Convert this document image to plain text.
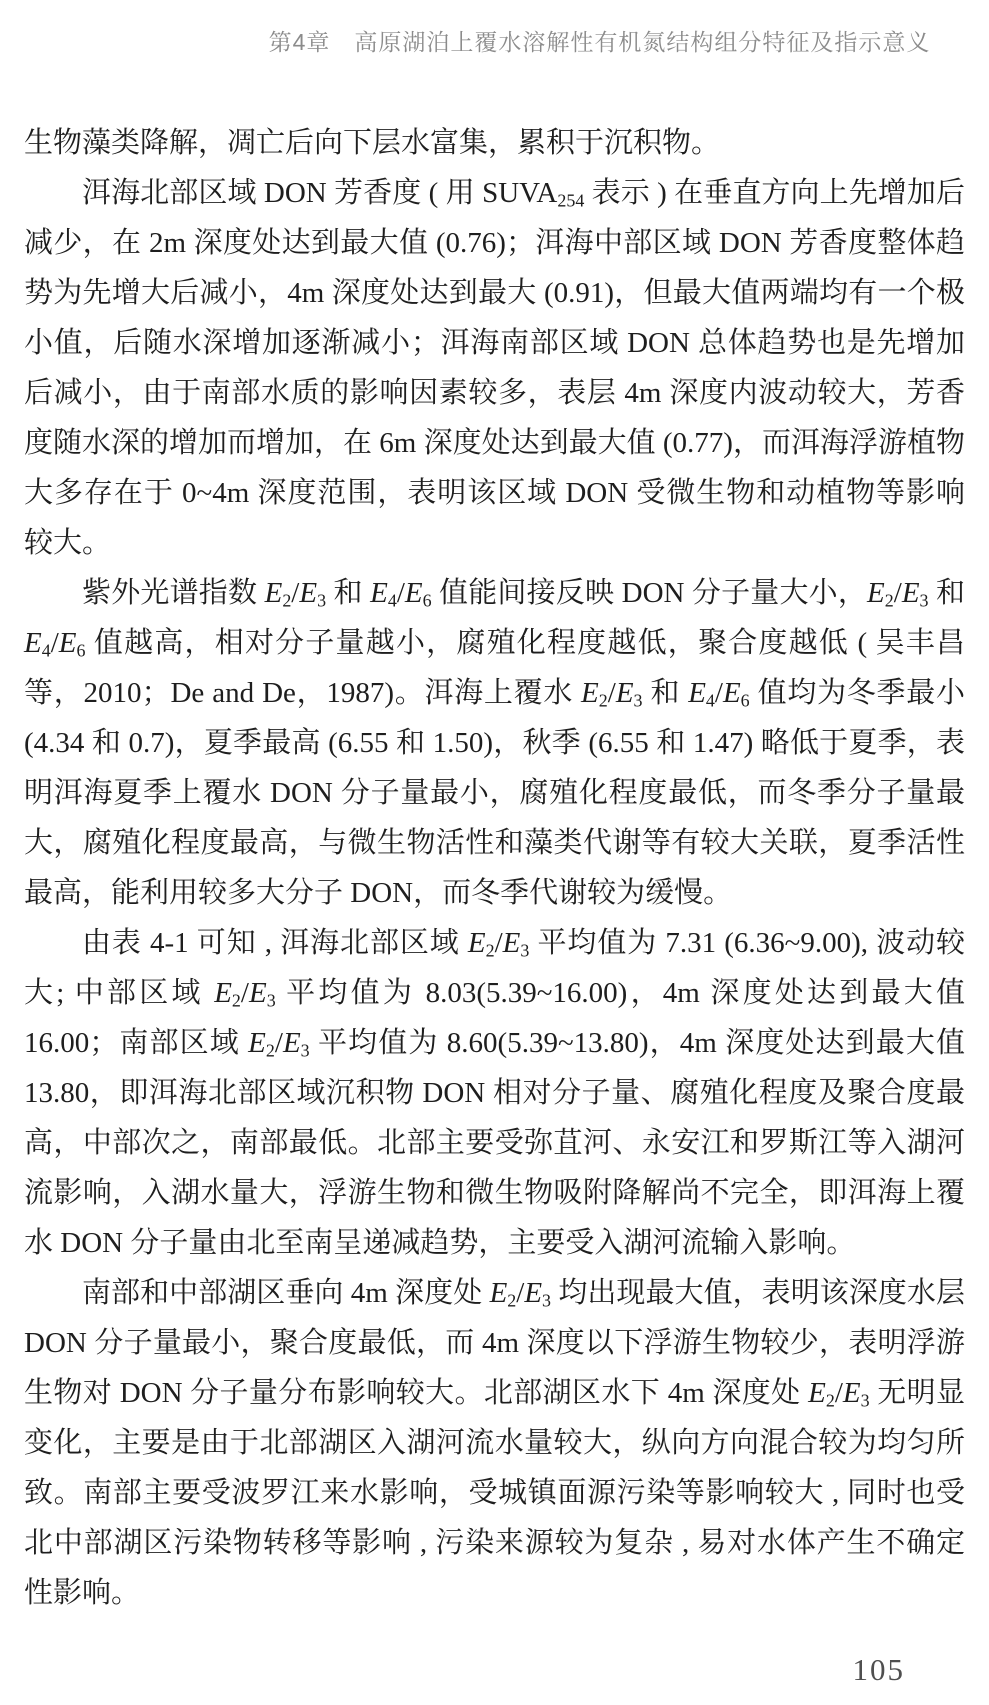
第4章　高原湖泊上覆水溶解性有机氮结构组分特征及指示意义

生物藻类降解，凋亡后向下层水富集，累积于沉积物。

洱海北部区域 DON 芳香度 ( 用 $SUVA_{254}$ 表示 ) 在垂直方向上先增加后减少，在 2m 深度处达到最大值 (0.76)；洱海中部区域 DON 芳香度整体趋势为先增大后减小，4m 深度处达到最大 (0.91)，但最大值两端均有一个极小值，后随水深增加逐渐减小；洱海南部区域 DON 总体趋势也是先增加后减小，由于南部水质的影响因素较多，表层 4m 深度内波动较大，芳香度随水深的增加而增加，在 6m 深度处达到最大值 (0.77)，而洱海浮游植物大多存在于 0~4m 深度范围，表明该区域 DON 受微生物和动植物等影响较大。

紫外光谱指数 $E_2/E_3$ 和 $E_4/E_6$ 值能间接反映 DON 分子量大小，$E_2/E_3$ 和 $E_4/E_6$ 值越高，相对分子量越小，腐殖化程度越低，聚合度越低 ( 吴丰昌等，2010；De and De，1987)。洱海上覆水 $E_2/E_3$ 和 $E_4/E_6$ 值均为冬季最小 (4.34 和 0.7)，夏季最高 (6.55 和 1.50)，秋季 (6.55 和 1.47) 略低于夏季，表明洱海夏季上覆水 DON 分子量最小，腐殖化程度最低，而冬季分子量最大，腐殖化程度最高，与微生物活性和藻类代谢等有较大关联，夏季活性最高，能利用较多大分子 DON，而冬季代谢较为缓慢。

由表 4-1 可知 , 洱海北部区域 $E_2/E_3$ 平均值为 7.31 (6.36~9.00), 波动较大; 中部区域 $E_2/E_3$ 平均值为 8.03(5.39~16.00)，4m 深度处达到最大值 16.00；南部区域 $E_2/E_3$ 平均值为 8.60(5.39~13.80)，4m 深度处达到最大值 13.80，即洱海北部区域沉积物 DON 相对分子量、腐殖化程度及聚合度最高，中部次之，南部最低。北部主要受弥苴河、永安江和罗斯江等入湖河流影响，入湖水量大，浮游生物和微生物吸附降解尚不完全，即洱海上覆水 DON 分子量由北至南呈递减趋势，主要受入湖河流输入影响。

南部和中部湖区垂向 4m 深度处 $E_2/E_3$ 均出现最大值，表明该深度水层 DON 分子量最小，聚合度最低，而 4m 深度以下浮游生物较少，表明浮游生物对 DON 分子量分布影响较大。北部湖区水下 4m 深度处 $E_2/E_3$ 无明显变化，主要是由于北部湖区入湖河流水量较大，纵向方向混合较为均匀所致。南部主要受波罗江来水影响，受城镇面源污染等影响较大 , 同时也受北中部湖区污染物转移等影响 , 污染来源较为复杂 , 易对水体产生不确定性影响。

105
